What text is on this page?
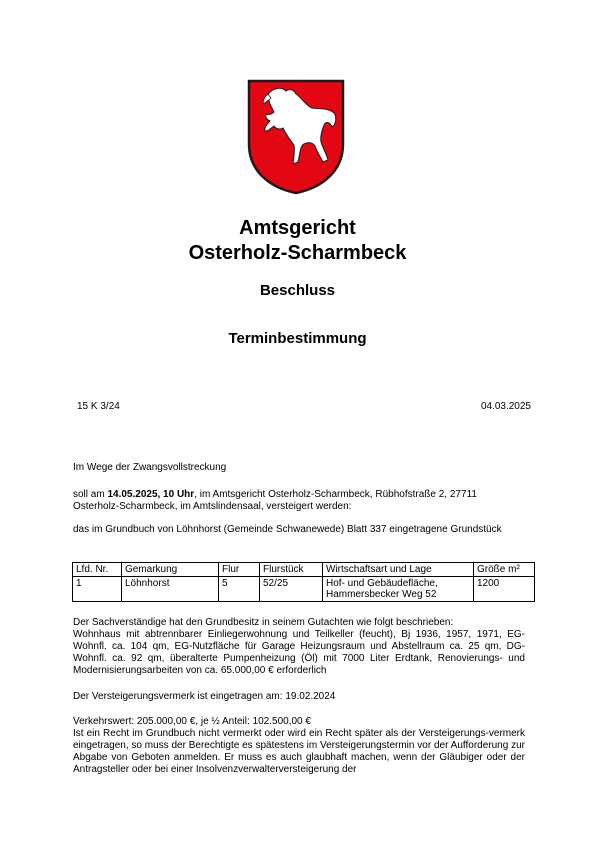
Amtsgericht
Osterholz-Scharmbeck
Beschluss
Terminbestimmung
15 K 3/24	04.03.2025
Im Wege der Zwangsvollstreckung
soll am 14.05.2025, 10 Uhr, im Amtsgericht Osterholz-Scharmbeck, Rübhofstraße 2, 27711 Osterholz-Scharmbeck, im Amtslindensaal, versteigert werden:
das im Grundbuch von Löhnhorst (Gemeinde Schwanewede) Blatt 337 eingetragene Grundstück
Lfd. Nr.	Gemarkung	Flur	Flurstück	Wirtschaftsart und Lage	Größe m²
1	Löhnhorst	5	52/25	Hof- und Gebäudefläche, Hammersbecker Weg 52	1200
Der Sachverständige hat den Grundbesitz in seinem Gutachten wie folgt beschrieben:
Wohnhaus mit abtrennbarer Einliegerwohnung und Teilkeller (feucht), Bj 1936, 1957, 1971, EG-Wohnfl. ca. 104 qm, EG-Nutzfläche für Garage Heizungsraum und Abstellraum ca. 25 qm, DG-Wohnfl. ca. 92 qm, überalterte Pumpenheizung (Öl) mit 7000 Liter Erdtank, Renovierungs- und Modernisierungsarbeiten von ca. 65.000,00 € erforderlich
Der Versteigerungsvermerk ist eingetragen am: 19.02.2024
Verkehrswert: 205.000,00 €, je ½ Anteil: 102.500,00 €
Ist ein Recht im Grundbuch nicht vermerkt oder wird ein Recht später als der Versteigerungs-vermerk eingetragen, so muss der Berechtigte es spätestens im Versteigerungstermin vor der Aufforderung zur Abgabe von Geboten anmelden. Er muss es auch glaubhaft machen, wenn der Gläubiger oder der Antragsteller oder bei einer Insolvenzverwalterversteigerung der
